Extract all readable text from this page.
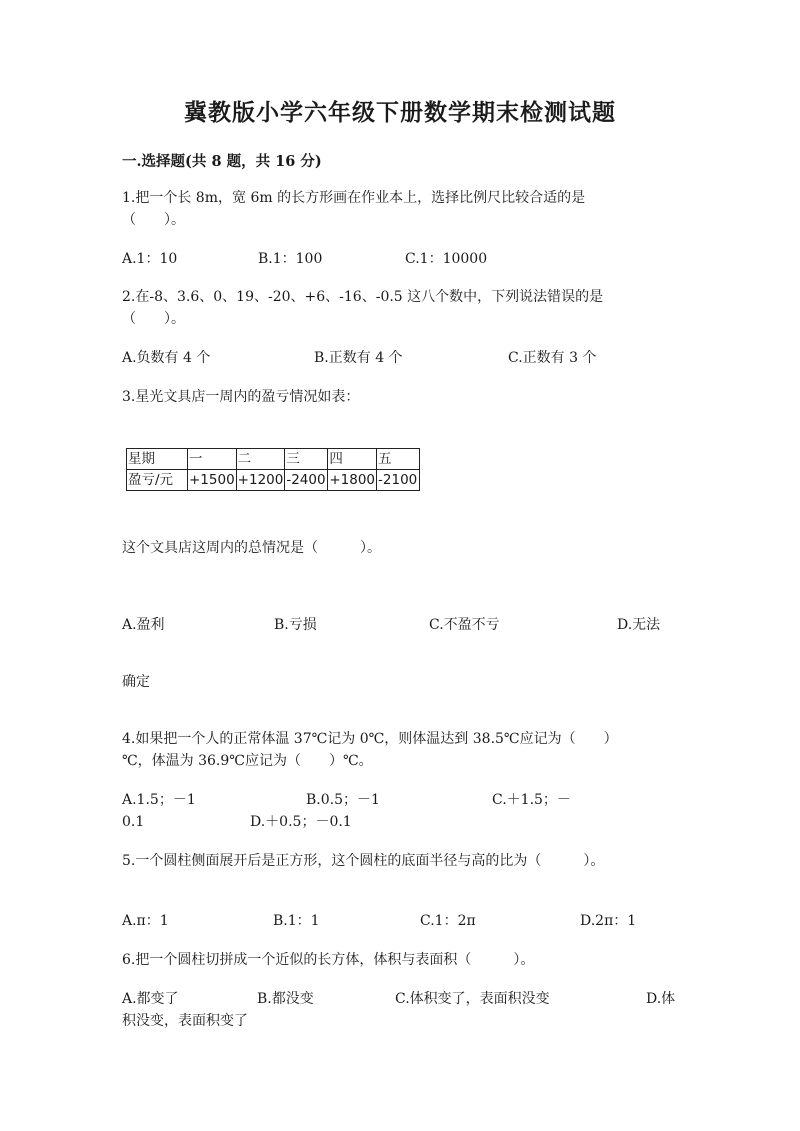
冀教版小学六年级下册数学期末检测试题
一.选择题(共 8 题，共 16 分)
1.把一个长 8m，宽 6m 的长方形画在作业本上，选择比例尺比较合适的是
（　　）。
A.1：10	B.1：100	C.1：10000
2.在-8、3.6、0、19、-20、+6、-16、-0.5 这八个数中，下列说法错误的是
（　　）。
A.负数有 4 个	B.正数有 4 个	C.正数有 3 个
3.星光文具店一周内的盈亏情况如表：
星期	一	二	三	四	五
盈亏/元	+1500	+1200	-2400	+1800	-2100
这个文具店这周内的总情况是（　　　）。
A.盈利	B.亏损	C.不盈不亏	D.无法
确定
4.如果把一个人的正常体温 37℃记为 0℃，则体温达到 38.5℃应记为（　　）
℃，体温为 36.9℃应记为（　　）℃。
A.1.5；－1	B.0.5；－1	C.＋1.5；－
0.1	D.＋0.5；－0.1
5.一个圆柱侧面展开后是正方形，这个圆柱的底面半径与高的比为（　　　）。
A.π：1	B.1：1	C.1：2π	D.2π：1
6.把一个圆柱切拼成一个近似的长方体，体积与表面积（　　　）。
A.都变了	B.都没变	C.体积变了，表面积没变	D.体
积没变，表面积变了
